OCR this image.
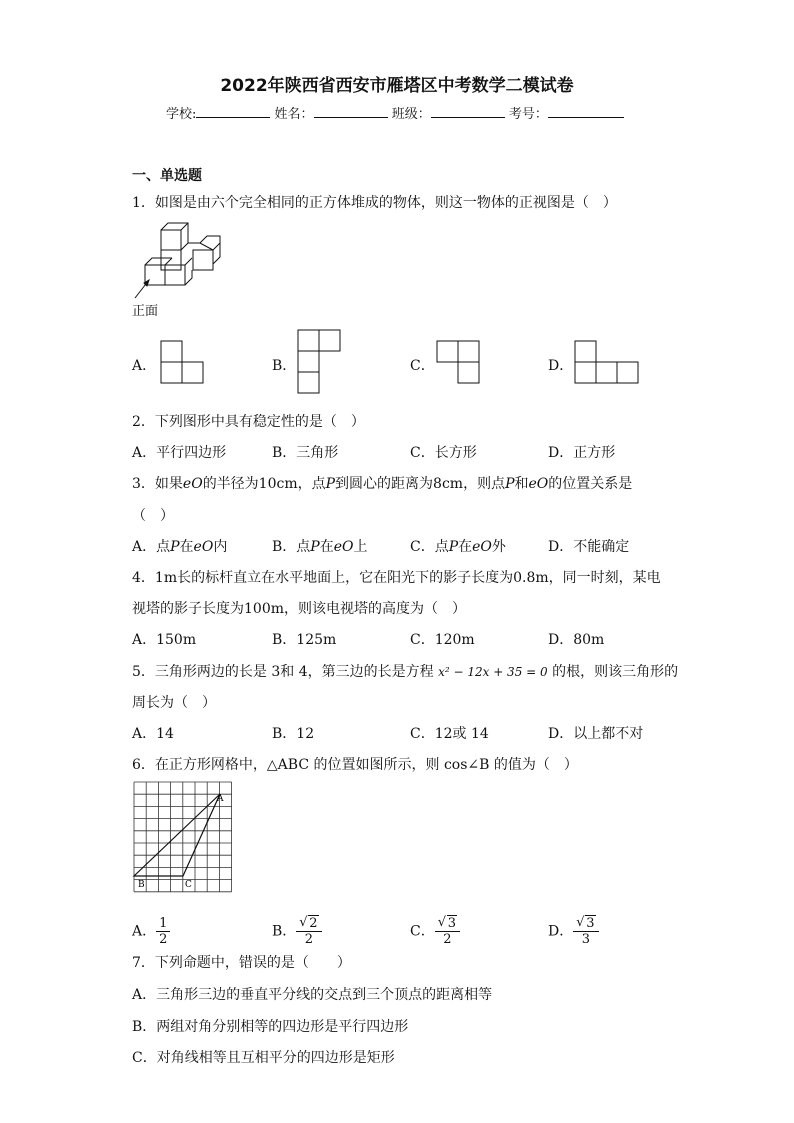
2022年陕西省西安市雁塔区中考数学二模试卷
学校:	姓名：	班级：	考号：
一、单选题
1．如图是由六个完全相同的正方体堆成的物体，则这一物体的正视图是（　）
正面
A．	B．	C．	D．
2．下列图形中具有稳定性的是（　）
A．平行四边形	B．三角形	C．长方形	D．正方形
3．如果eO的半径为10cm，点P到圆心的距离为8cm，则点P和eO的位置关系是
（　）
A．点P在eO内	B．点P在eO上	C．点P在eO外	D．不能确定
4．1m长的标杆直立在水平地面上，它在阳光下的影子长度为0.8m，同一时刻，某电
视塔的影子长度为100m，则该电视塔的高度为（　）
A．150m	B．125m	C．120m	D．80m
5．三角形两边的长是 3和 4，第三边的长是方程 x² − 12x + 35 = 0 的根，则该三角形的
周长为（　）
A．14	B．12	C．12或 14	D．以上都不对
6．在正方形网格中，△ABC 的位置如图所示，则 cos∠B 的值为（　）
A
B	C
A． $\frac{1}{2}$	B． √ $\frac{2}{2}$	C． √ $\frac{3}{2}$	D． √ $\frac{3}{3}$
7．下列命题中，错误的是（　　）
A．三角形三边的垂直平分线的交点到三个顶点的距离相等
B．两组对角分别相等的四边形是平行四边形
C．对角线相等且互相平分的四边形是矩形
